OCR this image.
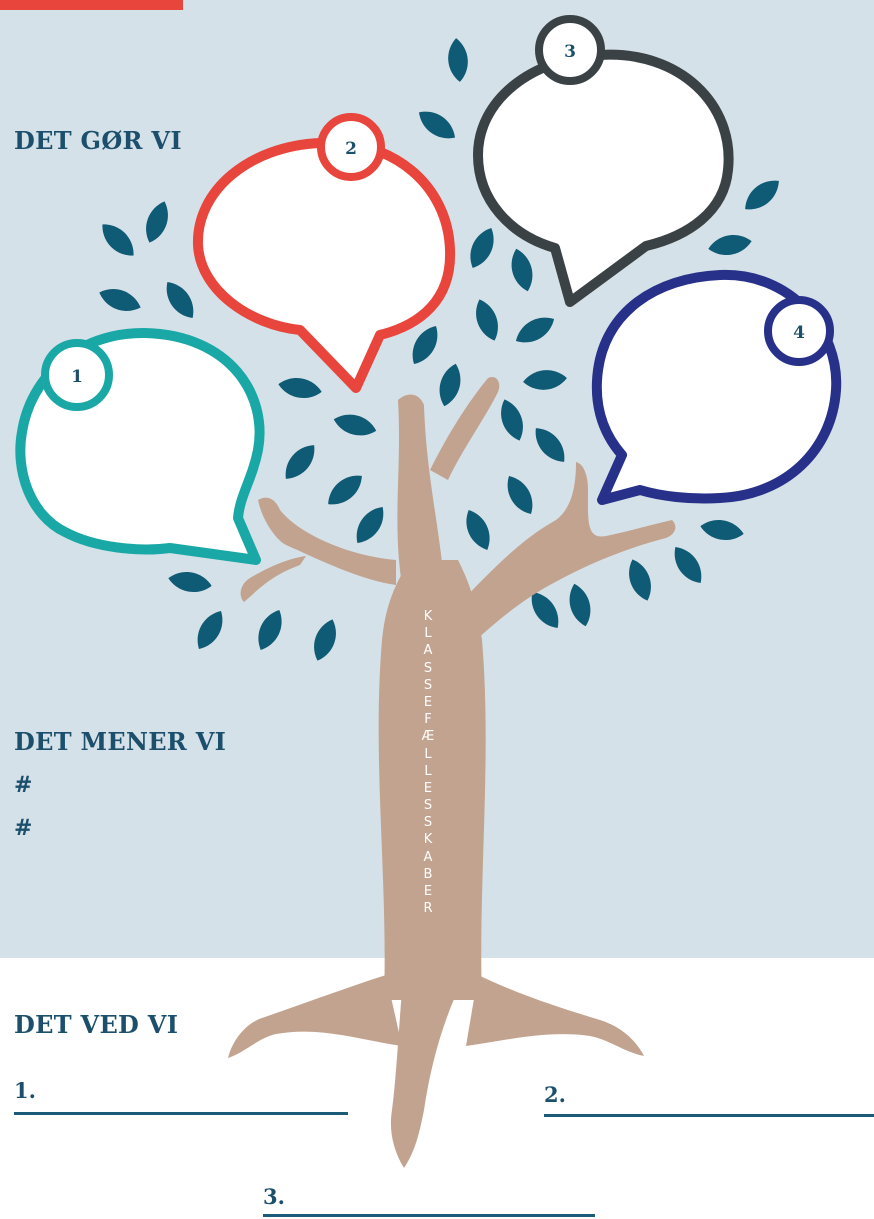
1
2
3
4
DET GØR VI
DET MENER VI
#
#
K
L
A
S
S
E
F
Æ
L
L
E
S
S
K
A
B
E
R
DET VED VI
1.	2.
3.
